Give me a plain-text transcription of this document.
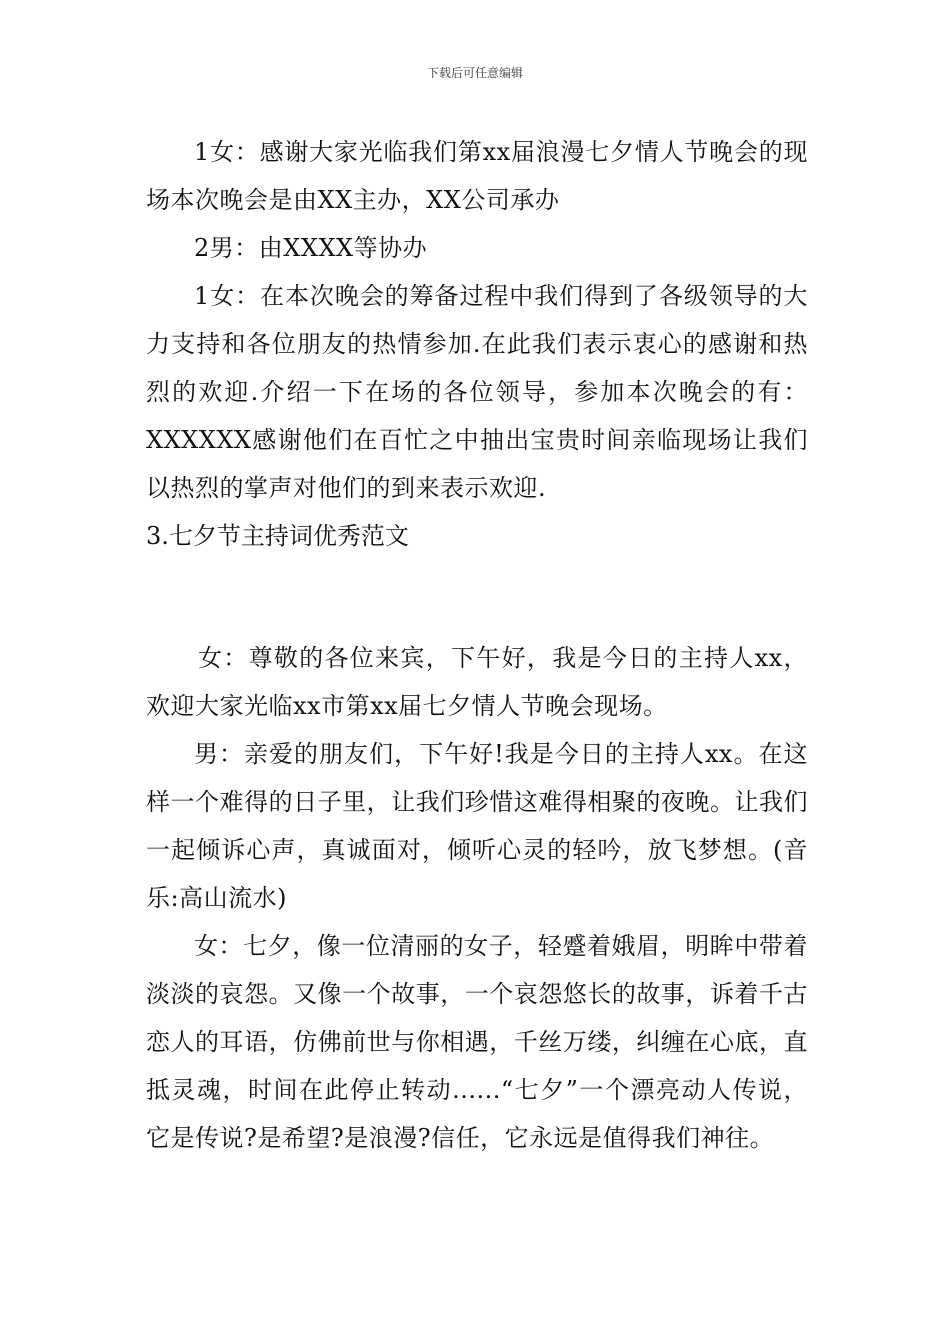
下载后可任意编辑

1女：感谢大家光临我们第xx届浪漫七夕情人节晚会的现场本次晚会是由XX主办，XX公司承办

2男：由XXXX等协办

1女：在本次晚会的筹备过程中我们得到了各级领导的大力支持和各位朋友的热情参加.在此我们表示衷心的感谢和热烈的欢迎.介绍一下在场的各位领导，参加本次晚会的有：XXXXXX感谢他们在百忙之中抽出宝贵时间亲临现场让我们以热烈的掌声对他们的到来表示欢迎.

3.七夕节主持词优秀范文

女：尊敬的各位来宾，下午好，我是今日的主持人xx，欢迎大家光临xx市第xx届七夕情人节晚会现场。

男：亲爱的朋友们，下午好!我是今日的主持人xx。在这样一个难得的日子里，让我们珍惜这难得相聚的夜晚。让我们一起倾诉心声，真诚面对，倾听心灵的轻吟，放飞梦想。(音乐:高山流水)

女：七夕，像一位清丽的女子，轻蹙着娥眉，明眸中带着淡淡的哀怨。又像一个故事，一个哀怨悠长的故事，诉着千古恋人的耳语，仿佛前世与你相遇，千丝万缕，纠缠在心底，直抵灵魂，时间在此停止转动......“七夕”一个漂亮动人传说，它是传说?是希望?是浪漫?信任，它永远是值得我们神往。
